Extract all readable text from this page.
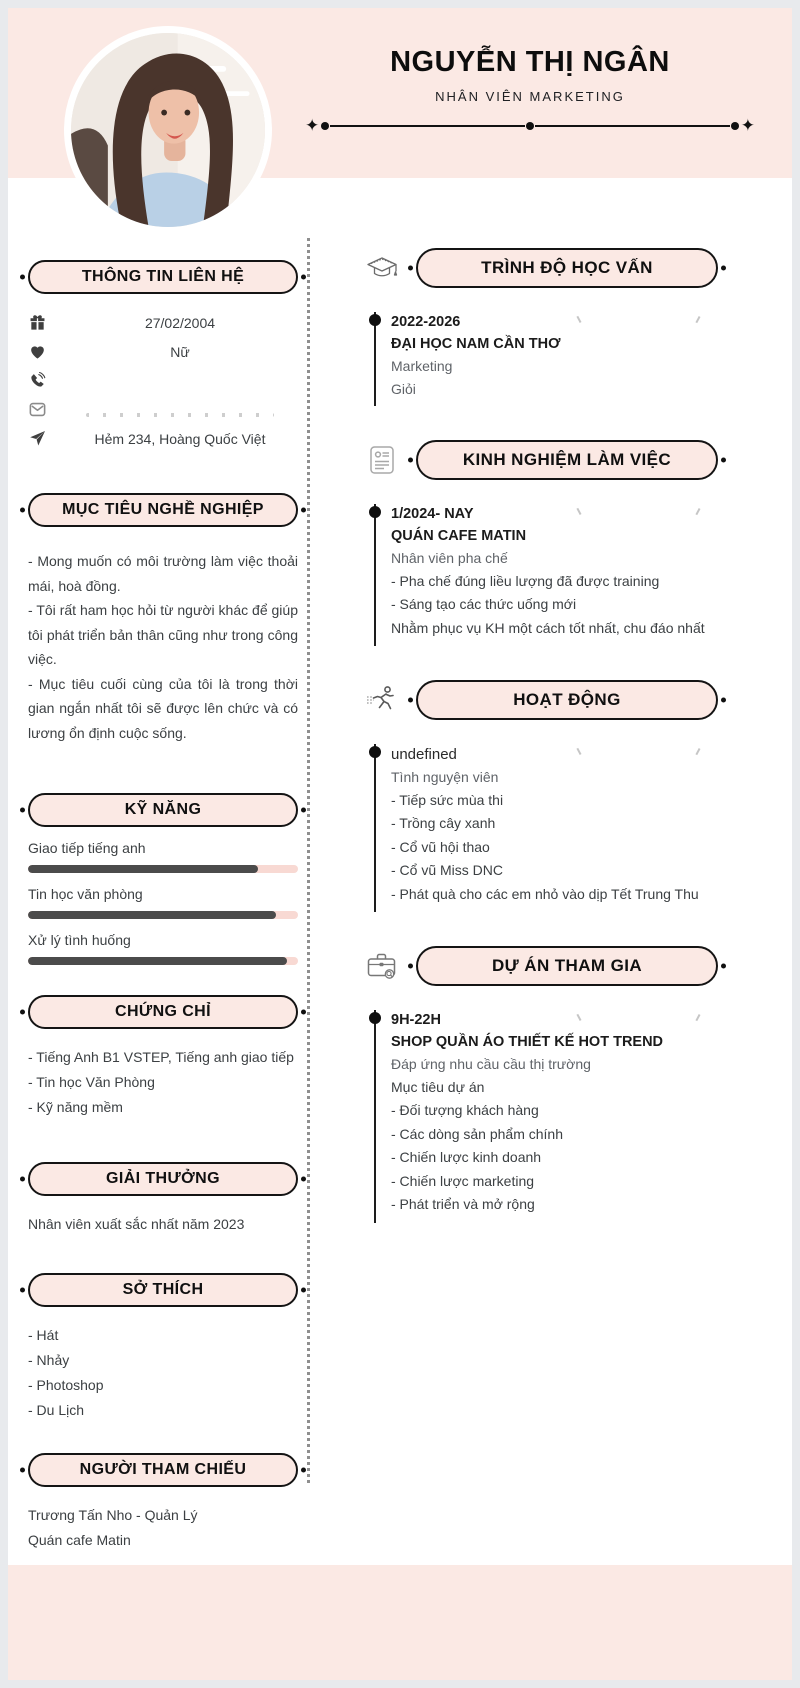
NGUYỄN THỊ NGÂN
NHÂN VIÊN MARKETING
✦	✦
THÔNG TIN LIÊN HỆ
27/02/2004
Nữ
Hẻm 234, Hoàng Quốc Việt
MỤC TIÊU NGHỀ NGHIỆP
- Mong muốn có môi trường làm việc thoải mái, hoà đồng.
- Tôi rất ham học hỏi từ người khác để giúp tôi phát triển bản thân cũng như trong công việc.
- Mục tiêu cuối cùng của tôi là trong thời gian ngắn nhất tôi sẽ được lên chức và có lương ổn định cuộc sống.
KỸ NĂNG
Giao tiếp tiếng anh
Tin học văn phòng
Xử lý tình huống
CHỨNG CHỈ
- Tiếng Anh B1 VSTEP, Tiếng anh giao tiếp
- Tin học Văn Phòng
- Kỹ năng mềm
GIẢI THƯỞNG
Nhân viên xuất sắc nhất năm 2023
SỞ THÍCH
- Hát
- Nhảy
- Photoshop
- Du Lịch
NGƯỜI THAM CHIẾU
Trương Tấn Nho - Quản Lý
Quán cafe Matin
TRÌNH ĐỘ HỌC VẤN
2022-2026
ĐẠI HỌC NAM CẦN THƠ
Marketing
Giỏi
KINH NGHIỆM LÀM VIỆC
1/2024- NAY
QUÁN CAFE MATIN
Nhân viên pha chế
- Pha chế đúng liều lượng đã được training
- Sáng tạo các thức uống mới
Nhằm phục vụ KH một cách tốt nhất, chu đáo nhất
HOẠT ĐỘNG
undefined
Tình nguyện viên
- Tiếp sức mùa thi
- Trồng cây xanh
- Cổ vũ hội thao
- Cổ vũ Miss DNC
- Phát quà cho các em nhỏ vào dịp Tết Trung Thu
DỰ ÁN THAM GIA
9H-22H
SHOP QUẦN ÁO THIẾT KẾ HOT TREND
Đáp ứng nhu cầu cầu thị trường
Mục tiêu dự án
- Đối tượng khách hàng
- Các dòng sản phẩm chính
- Chiến lược kinh doanh
- Chiến lược marketing
- Phát triển và mở rộng
